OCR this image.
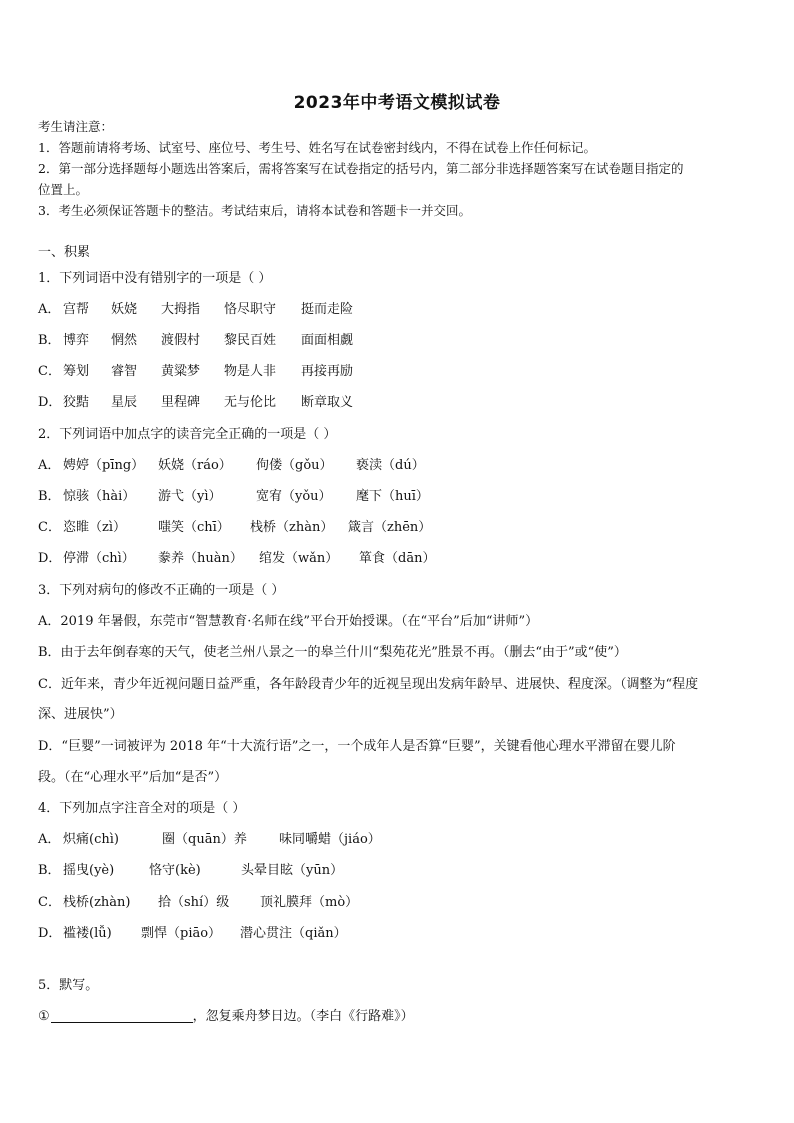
2023年中考语文模拟试卷
考生请注意：
1．答题前请将考场、试室号、座位号、考生号、姓名写在试卷密封线内，不得在试卷上作任何标记。
2．第一部分选择题每小题选出答案后，需将答案写在试卷指定的括号内，第二部分非选择题答案写在试卷题目指定的
位置上。
3．考生必须保证答题卡的整洁。考试结束后，请将本试卷和答题卡一并交回。
一、积累
1．下列词语中没有错别字的一项是（ ）
A． 宫帮 妖娆 大拇指 恪尽职守 挺而走险
B． 博弈 惘然 渡假村 黎民百姓 面面相觑
C． 筹划 睿智 黄粱梦 物是人非 再接再励
D． 狡黠 星辰 里程碑 无与伦比 断章取义
2．下列词语中加点字的读音完全正确的一项是（ ）
A． 娉婷（pīng） 妖娆（ráo） 佝偻（gǒu） 亵渎（dú）
B． 惊骇（hài） 游弋（yì）	宽宥（yǒu） 麾下（huī）
C． 恣睢（zì） 嗤笑（chī） 栈桥（zhàn） 箴言（zhēn）
D． 停滞（chì） 豢养（huàn） 绾发（wǎn） 箪食（dān）
3．下列对病句的修改不正确的一项是（ ）
A．2019 年暑假，东莞市“智慧教育·名师在线”平台开始授课。（在“平台”后加“讲师”）
B．由于去年倒春寒的天气，使老兰州八景之一的皋兰什川“梨苑花光”胜景不再。（删去“由于”或“使”）
C．近年来，青少年近视问题日益严重，各年龄段青少年的近视呈现出发病年龄早、进展快、程度深。（调整为“程度
深、进展快”）
D．“巨婴”一词被评为 2018 年“十大流行语”之一，一个成年人是否算“巨婴”，关键看他心理水平滞留在婴儿阶
段。（在“心理水平”后加“是否”）
4．下列加点字注音全对的项是（ ）
A． 炽痛(chì)	圈（quān）养 味同嚼蜡（jiáo）
B． 摇曳(yè)	恪守(kè)	头晕目眩（yūn）
C． 栈桥(zhàn) 拾（shí）级 顶礼膜拜（mò）
D． 褴褛(lǚ) 剽悍（piāo） 潜心贯注（qiǎn）
5．默写。
①	，忽复乘舟梦日边。（李白《行路难》）
